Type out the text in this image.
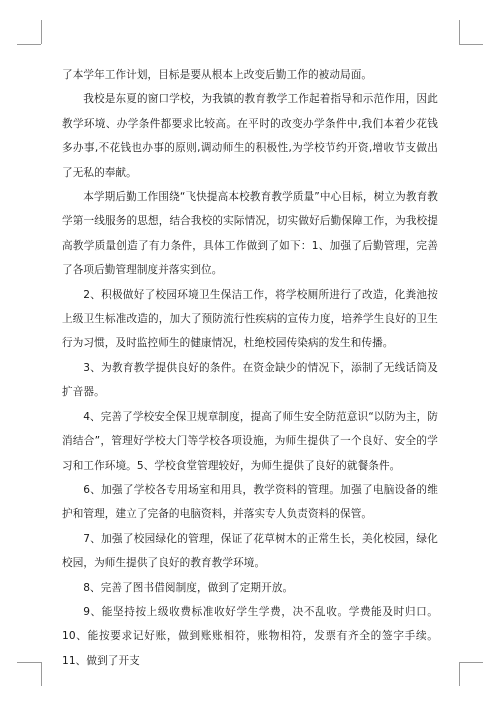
了本学年工作计划，目标是要从根本上改变后勤工作的被动局面。

我校是东夏的窗口学校，为我镇的教育教学工作起着指导和示范作用，因此教学环境、办学条件都要求比较高。在平时的改变办学条件中,我们本着少花钱多办事,不花钱也办事的原则,调动师生的积极性,为学校节约开资,增收节支做出了无私的奉献。

本学期后勤工作围绕“飞快提高本校教育教学质量”中心目标，树立为教育教学第一线服务的思想，结合我校的实际情况，切实做好后勤保障工作，为我校提高教学质量创造了有力条件，具体工作做到了如下：1、加强了后勤管理，完善了各项后勤管理制度并落实到位。

2、积极做好了校园环境卫生保洁工作，将学校厕所进行了改造，化粪池按上级卫生标准改造的，加大了预防流行性疾病的宣传力度，培养学生良好的卫生行为习惯，及时监控师生的健康情况，杜绝校园传染病的发生和传播。

3、为教育教学提供良好的条件。在资金缺少的情况下，添制了无线话筒及扩音器。

4、完善了学校安全保卫规章制度，提高了师生安全防范意识“以防为主，防消结合”，管理好学校大门等学校各项设施，为师生提供了一个良好、安全的学习和工作环境。5、学校食堂管理较好，为师生提供了良好的就餐条件。

6、加强了学校各专用场室和用具，教学资料的管理。加强了电脑设备的维护和管理，建立了完备的电脑资料，并落实专人负责资料的保管。

7、加强了校园绿化的管理，保证了花草树木的正常生长，美化校园，绿化校园，为师生提供了良好的教育教学环境。

8、完善了图书借阅制度，做到了定期开放。

9、能坚持按上级收费标准收好学生学费，决不乱收。学费能及时归口。10、能按要求记好账，做到账账相符，账物相符，发票有齐全的签字手续。11、做到了开支
